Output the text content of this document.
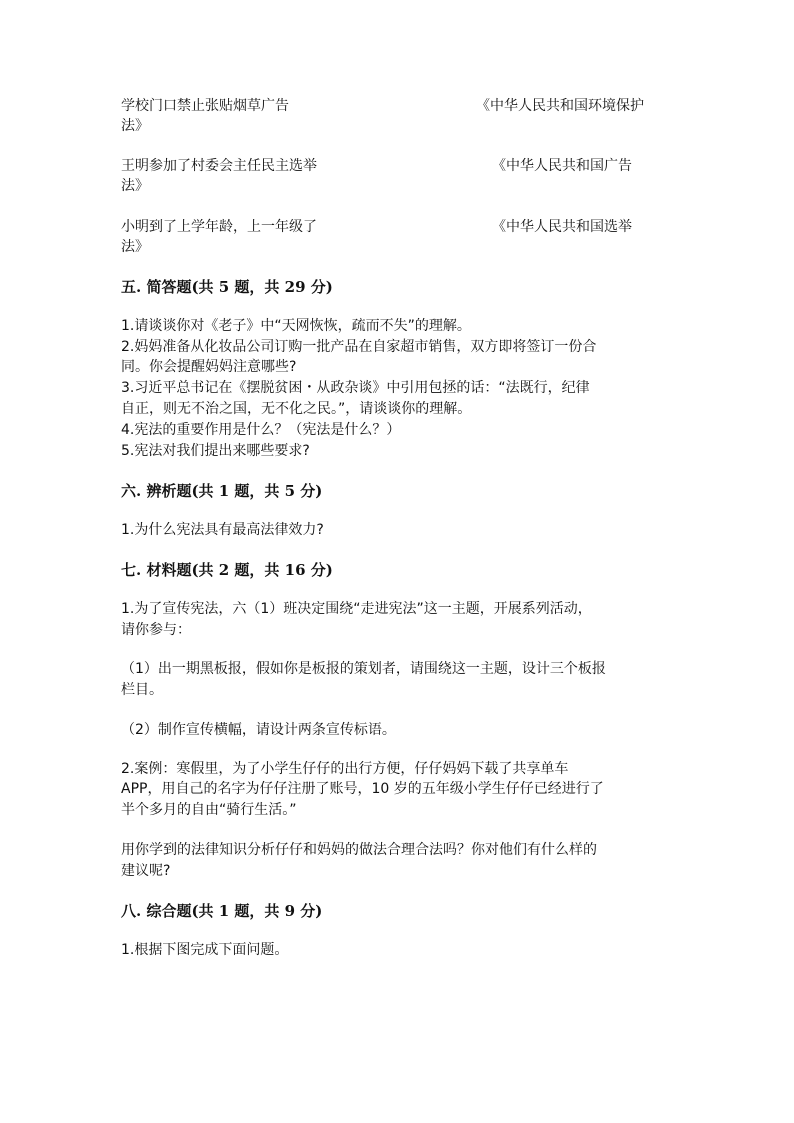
学校门口禁止张贴烟草广告	《中华人民共和国环境保护
法》
王明参加了村委会主任民主选举	《中华人民共和国广告
法》
小明到了上学年龄，上一年级了	《中华人民共和国选举
法》
五. 简答题(共 5 题，共 29 分)
1.请谈谈你对《老子》中“天网恢恢，疏而不失”的理解。
2.妈妈准备从化妆品公司订购一批产品在自家超市销售，双方即将签订一份合
同。你会提醒妈妈注意哪些?
3.习近平总书记在《摆脱贫困・从政杂谈》中引用包拯的话：“法既行，纪律
自正，则无不治之国，无不化之民。”，请谈谈你的理解。
4.宪法的重要作用是什么？（宪法是什么？）
5.宪法对我们提出来哪些要求?
六. 辨析题(共 1 题，共 5 分)
1.为什么宪法具有最高法律效力?
七. 材料题(共 2 题，共 16 分)
1.为了宣传宪法，六（1）班决定围绕“走进宪法”这一主题，开展系列活动，
请你参与：
（1）出一期黑板报，假如你是板报的策划者，请围绕这一主题，设计三个板报
栏目。
（2）制作宣传横幅，请设计两条宣传标语。
2.案例：寒假里，为了小学生仔仔的出行方便，仔仔妈妈下载了共享单车
APP，用自己的名字为仔仔注册了账号，10 岁的五年级小学生仔仔已经进行了
半个多月的自由“骑行生活。”
用你学到的法律知识分析仔仔和妈妈的做法合理合法吗？你对他们有什么样的
建议呢?
八. 综合题(共 1 题，共 9 分)
1.根据下图完成下面问题。
